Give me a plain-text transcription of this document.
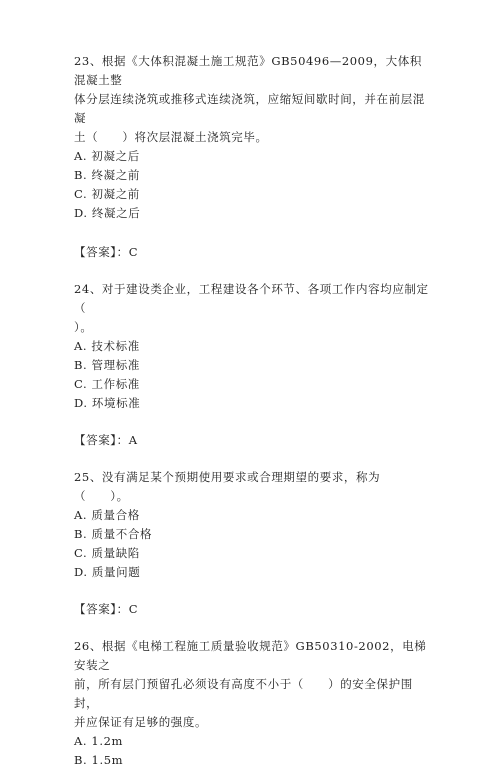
23、根据《大体积混凝土施工规范》GB50496—2009，大体积混凝土整

体分层连续浇筑或推移式连续浇筑，应缩短间歇时间，并在前层混凝

土（　　）将次层混凝土浇筑完毕。

A. 初凝之后

B. 终凝之前

C. 初凝之前

D. 终凝之后

【答案】：C

24、对于建设类企业，工程建设各个环节、各项工作内容均应制定（

）。

A. 技术标准

B. 管理标准

C. 工作标准

D. 环境标准

【答案】：A

25、没有满足某个预期使用要求或合理期望的要求，称为（　　）。

A. 质量合格

B. 质量不合格

C. 质量缺陷

D. 质量问题

【答案】：C

26、根据《电梯工程施工质量验收规范》GB50310-2002，电梯安装之

前，所有层门预留孔必须设有高度不小于（　　）的安全保护围封，

并应保证有足够的强度。

A. 1.2m

B. 1.5m
